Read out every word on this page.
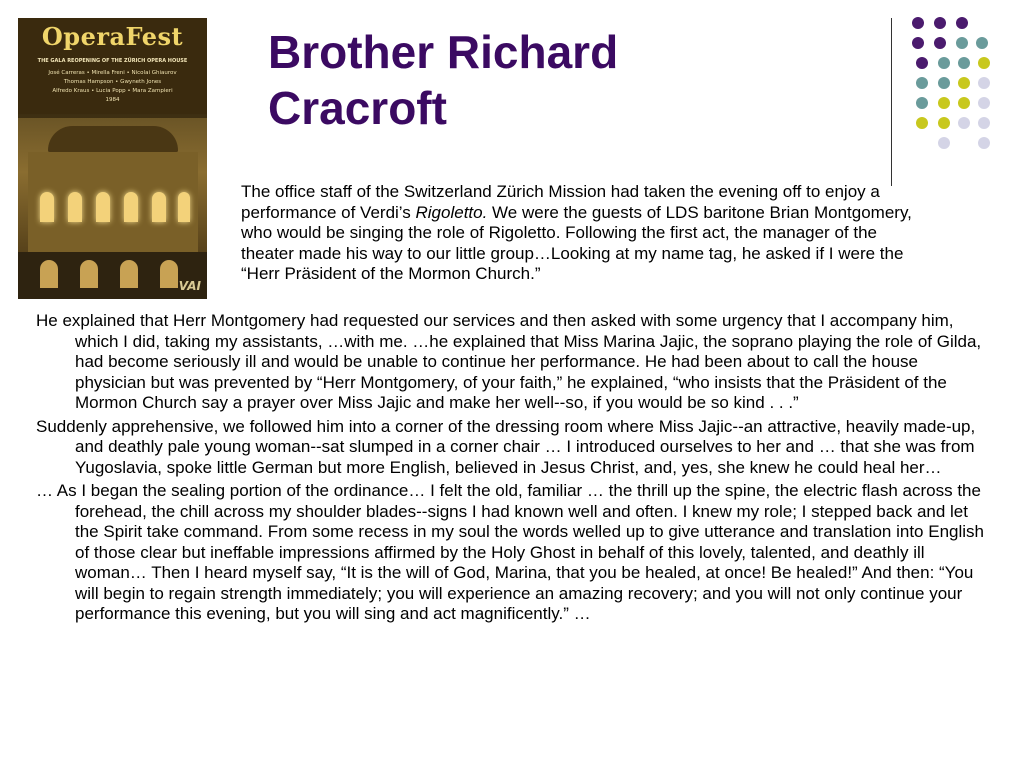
OperaFest
THE GALA REOPENING OF THE ZÜRICH OPERA HOUSE
José Carreras • Mirella Freni • Nicolai Ghiaurov
Thomas Hampson • Gwyneth Jones
Alfredo Kraus • Lucia Popp • Mara Zampieri
1984
VAI
Brother Richard
Cracroft

The office staff of the Switzerland Zürich Mission had taken the evening off to enjoy a performance of Verdi’s Rigoletto. We were the guests of LDS baritone Brian Montgomery, who would be singing the role of Rigoletto. Following the first act, the manager of the theater made his way to our little group…Looking at my name tag, he asked if I were the “Herr Präsident of the Mormon Church.”

He explained that Herr Montgomery had requested our services and then asked with some urgency that I accompany him, which I did, taking my assistants, …with me. …he explained that Miss Marina Jajic, the soprano playing the role of Gilda, had become seriously ill and would be unable to continue her performance. He had been about to call the house physician but was prevented by “Herr Montgomery, of your faith,” he explained, “who insists that the Präsident of the Mormon Church say a prayer over Miss Jajic and make her well--so, if you would be so kind . . .”

Suddenly apprehensive, we followed him into a corner of the dressing room where Miss Jajic--an attractive, heavily made-up, and deathly pale young woman--sat slumped in a corner chair … I introduced ourselves to her and … that she was from Yugoslavia, spoke little German but more English, believed in Jesus Christ, and, yes, she knew he could heal her…

… As I began the sealing portion of the ordinance… I felt the old, familiar … the thrill up the spine, the electric flash across the forehead, the chill across my shoulder blades--signs I had known well and often. I knew my role; I stepped back and let the Spirit take command. From some recess in my soul the words welled up to give utterance and translation into English of those clear but ineffable impressions affirmed by the Holy Ghost in behalf of this lovely, talented, and deathly ill woman… Then I heard myself say, “It is the will of God, Marina, that you be healed, at once! Be healed!” And then: “You will begin to regain strength immediately; you will experience an amazing recovery; and you will not only continue your performance this evening, but you will sing and act magnificently.” …
